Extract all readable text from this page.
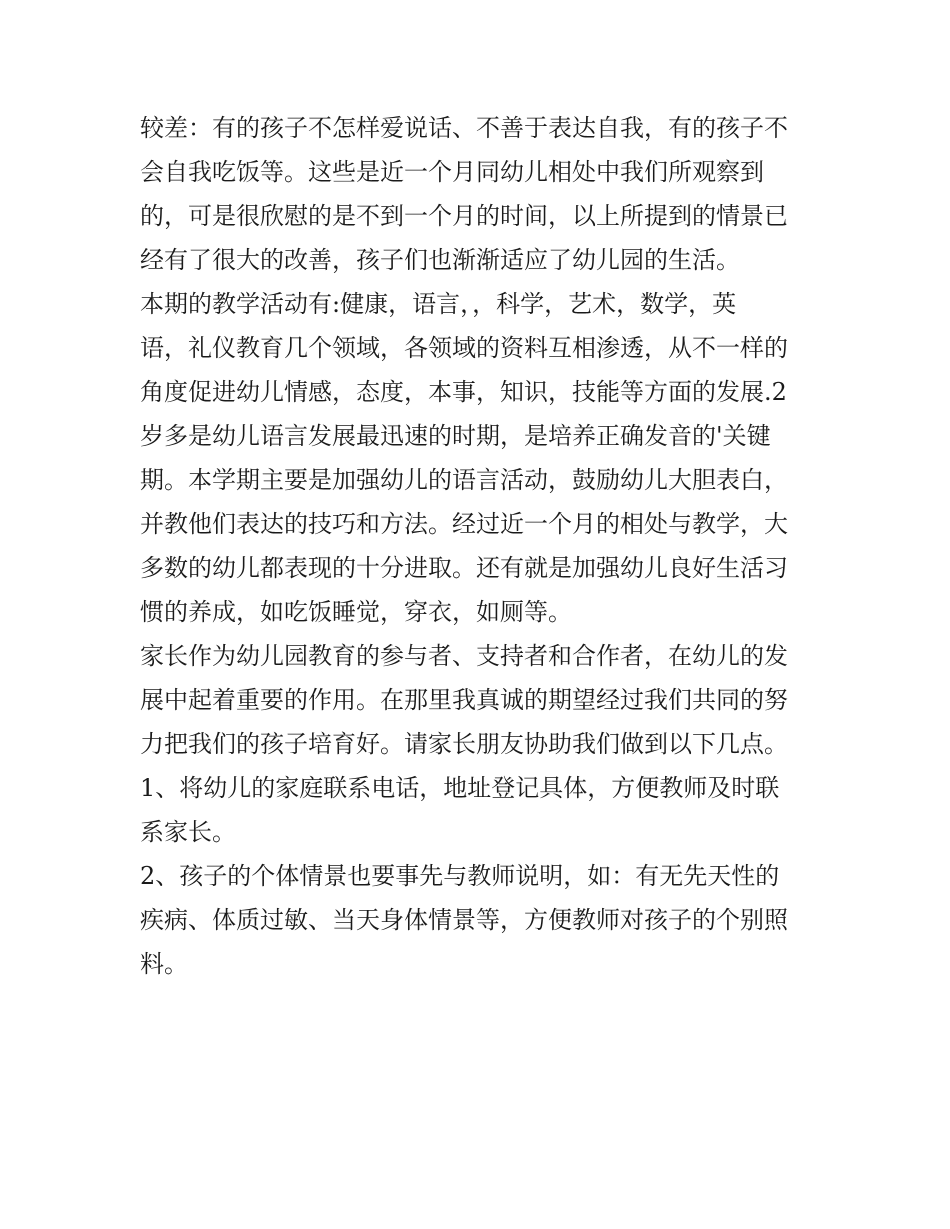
较差：有的孩子不怎样爱说话、不善于表达自我，有的孩子不
会自我吃饭等。这些是近一个月同幼儿相处中我们所观察到
的，可是很欣慰的是不到一个月的时间，以上所提到的情景已
经有了很大的改善，孩子们也渐渐适应了幼儿园的生活。

本期的教学活动有:健康，语言，，科学，艺术，数学，英
语，礼仪教育几个领域，各领域的资料互相渗透，从不一样的
角度促进幼儿情感，态度，本事，知识，技能等方面的发展.2
岁多是幼儿语言发展最迅速的时期，是培养正确发音的'关键
期。本学期主要是加强幼儿的语言活动，鼓励幼儿大胆表白，
并教他们表达的技巧和方法。经过近一个月的相处与教学，大
多数的幼儿都表现的十分进取。还有就是加强幼儿良好生活习
惯的养成，如吃饭睡觉，穿衣，如厕等。

家长作为幼儿园教育的参与者、支持者和合作者，在幼儿的发
展中起着重要的作用。在那里我真诚的期望经过我们共同的努
力把我们的孩子培育好。请家长朋友协助我们做到以下几点。

1、将幼儿的家庭联系电话，地址登记具体，方便教师及时联
系家长。

2、孩子的个体情景也要事先与教师说明，如：有无先天性的
疾病、体质过敏、当天身体情景等，方便教师对孩子的个别照
料。
